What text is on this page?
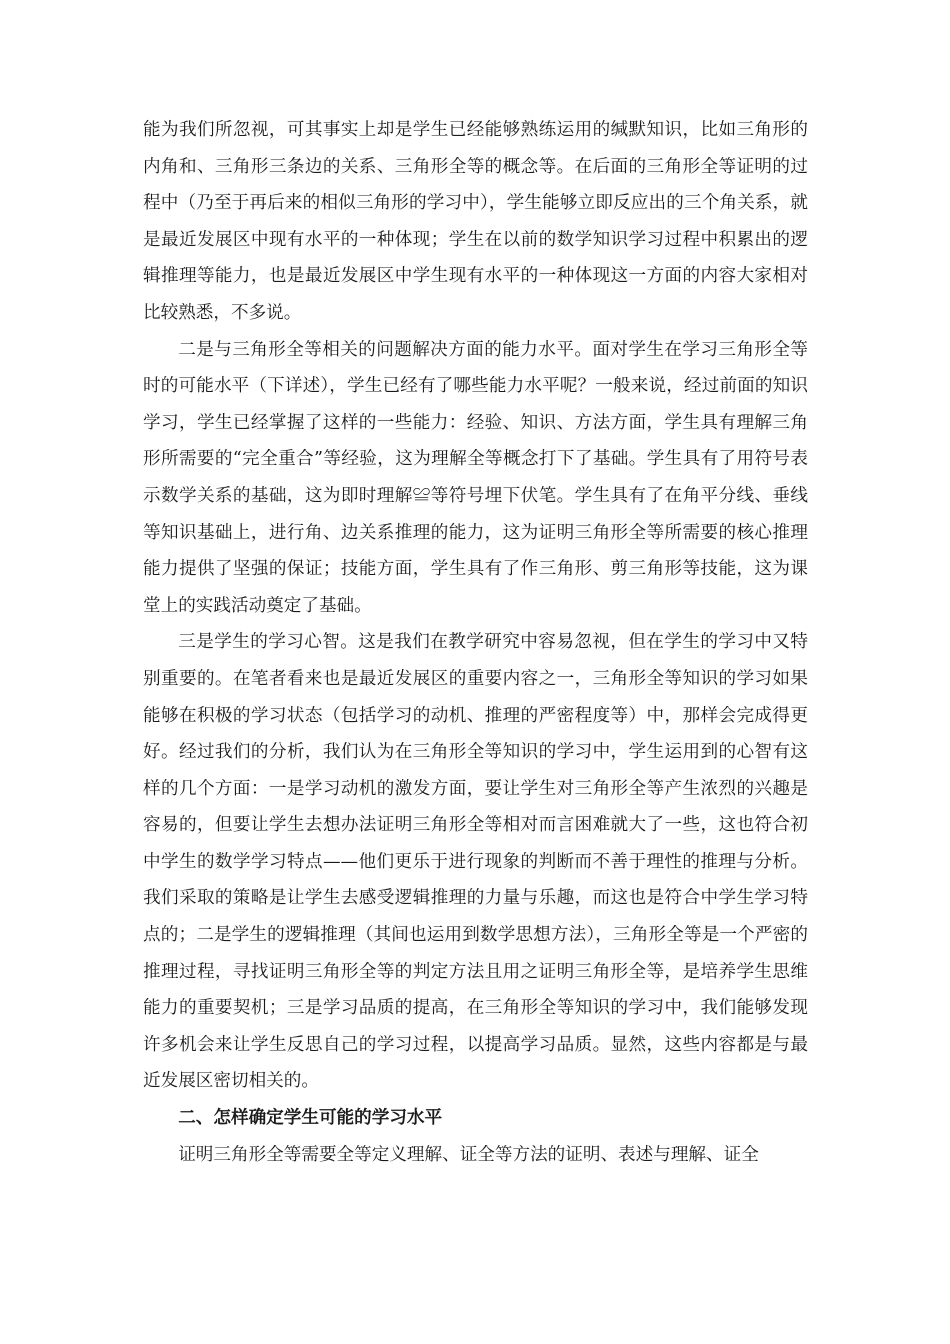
能为我们所忽视，可其事实上却是学生已经能够熟练运用的缄默知识，比如三角形的内角和、三角形三条边的关系、三角形全等的概念等。在后面的三角形全等证明的过程中（乃至于再后来的相似三角形的学习中），学生能够立即反应出的三个角关系，就是最近发展区中现有水平的一种体现；学生在以前的数学知识学习过程中积累出的逻辑推理等能力，也是最近发展区中学生现有水平的一种体现这一方面的内容大家相对比较熟悉，不多说。

二是与三角形全等相关的问题解决方面的能力水平。面对学生在学习三角形全等时的可能水平（下详述），学生已经有了哪些能力水平呢？一般来说，经过前面的知识学习，学生已经掌握了这样的一些能力：经验、知识、方法方面，学生具有理解三角形所需要的“完全重合”等经验，这为理解全等概念打下了基础。学生具有了用符号表示数学关系的基础，这为即时理解≌等符号埋下伏笔。学生具有了在角平分线、垂线等知识基础上，进行角、边关系推理的能力，这为证明三角形全等所需要的核心推理能力提供了坚强的保证；技能方面，学生具有了作三角形、剪三角形等技能，这为课堂上的实践活动奠定了基础。

三是学生的学习心智。这是我们在教学研究中容易忽视，但在学生的学习中又特别重要的。在笔者看来也是最近发展区的重要内容之一，三角形全等知识的学习如果能够在积极的学习状态（包括学习的动机、推理的严密程度等）中，那样会完成得更好。经过我们的分析，我们认为在三角形全等知识的学习中，学生运用到的心智有这样的几个方面：一是学习动机的激发方面，要让学生对三角形全等产生浓烈的兴趣是容易的，但要让学生去想办法证明三角形全等相对而言困难就大了一些，这也符合初中学生的数学学习特点——他们更乐于进行现象的判断而不善于理性的推理与分析。我们采取的策略是让学生去感受逻辑推理的力量与乐趣，而这也是符合中学生学习特点的；二是学生的逻辑推理（其间也运用到数学思想方法），三角形全等是一个严密的推理过程，寻找证明三角形全等的判定方法且用之证明三角形全等，是培养学生思维能力的重要契机；三是学习品质的提高，在三角形全等知识的学习中，我们能够发现许多机会来让学生反思自己的学习过程，以提高学习品质。显然，这些内容都是与最近发展区密切相关的。

二、怎样确定学生可能的学习水平

证明三角形全等需要全等定义理解、证全等方法的证明、表述与理解、证全
